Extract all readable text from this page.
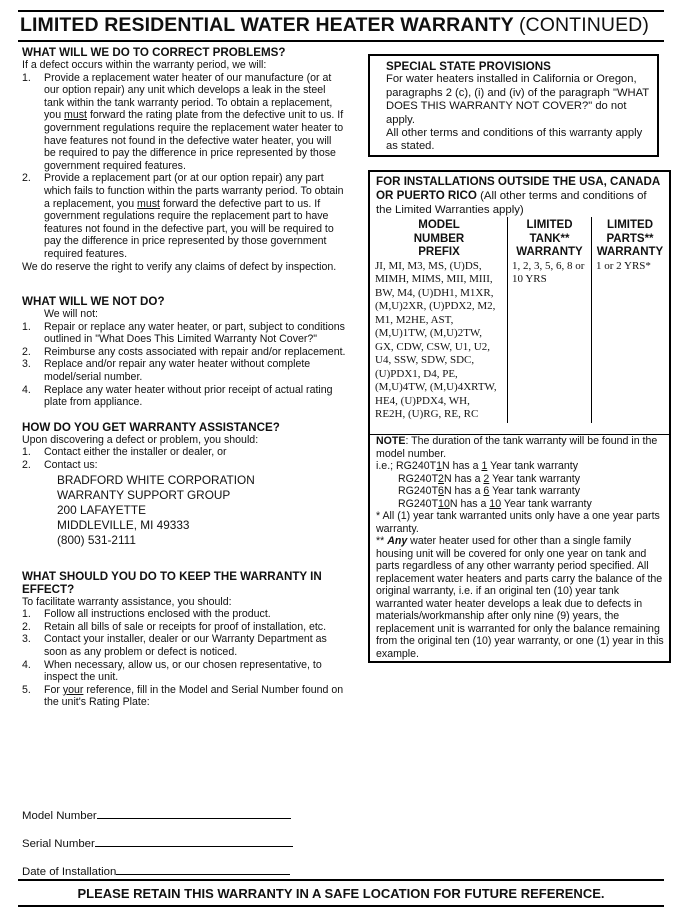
LIMITED RESIDENTIAL WATER HEATER WARRANTY (CONTINUED)
WHAT WILL WE DO TO CORRECT PROBLEMS?

If a defect occurs within the warranty period, we will:

1. Provide a replacement water heater of our manufacture (or at our option repair) any unit which develops a leak in the steel tank within the tank warranty period. To obtain a replacement, you must forward the rating plate from the defective unit to us. If government regulations require the replacement water heater to have features not found in the defective water heater, you will be required to pay the difference in price represented by those government required features.
2. Provide a replacement part (or at our option repair) any part which fails to function within the parts warranty period. To obtain a replacement, you must forward the defective part to us. If government regulations require the replacement part to have features not found in the defective part, you will be required to pay the difference in price represented by those government required features.

We do reserve the right to verify any claims of defect by inspection.

WHAT WILL WE NOT DO?

We will not:

1. Repair or replace any water heater, or part, subject to conditions outlined in "What Does This Limited Warranty Not Cover?"
2. Reimburse any costs associated with repair and/or replacement.
3. Replace and/or repair any water heater without complete model/serial number.
4. Replace any water heater without prior receipt of actual rating plate from appliance.
HOW DO YOU GET WARRANTY ASSISTANCE?

Upon discovering a defect or problem, you should:

1. Contact either the installer or dealer, or
2. Contact us:
BRADFORD WHITE CORPORATION
WARRANTY SUPPORT GROUP
200 LAFAYETTE
MIDDLEVILLE, MI 49333
(800) 531-2111
WHAT SHOULD YOU DO TO KEEP THE WARRANTY IN
EFFECT?

To facilitate warranty assistance, you should:

1. Follow all instructions enclosed with the product.
2. Retain all bills of sale or receipts for proof of installation, etc.
3. Contact your installer, dealer or our Warranty Department as soon as any problem or defect is noticed.
4. When necessary, allow us, or our chosen representative, to inspect the unit.
5. For your reference, fill in the Model and Serial Number found on the unit's Rating Plate:
Model Number
Serial Number
Date of Installation
SPECIAL STATE PROVISIONS
For water heaters installed in California or Oregon, paragraphs 2 (c), (i) and (iv) of the paragraph "WHAT DOES THIS WARRANTY NOT COVER?" do not apply.
All other terms and conditions of this warranty apply as stated.
FOR INSTALLATIONS OUTSIDE THE USA, CANADA OR PUERTO RICO (All other terms and conditions of the Limited Warranties apply)
MODEL NUMBER PREFIX	LIMITED TANK** WARRANTY	LIMITED PARTS** WARRANTY

JI, MI, M3, MS, (U)DS, MIMH, MIMS, MII, MIII, BW, M4, (U)DH1, M1XR, (M,U)2XR, (U)PDX2, M2, M1, M2HE, AST, (M,U)1TW, (M,U)2TW, GX, CDW, CSW, U1, U2, U4, SSW, SDW, SDC, (U)PDX1, D4, PE, (M,U)4TW, (M,U)4XRTW, HE4, (U)PDX4, WH, RE2H, (U)RG, RE, RC	1, 2, 3, 5, 6, 8 or 10 YRS	1 or 2 YRS*
NOTE: The duration of the tank warranty will be found in the model number.
i.e.; RG240T1N has a 1 Year tank warranty
RG240T2N has a 2 Year tank warranty
RG240T6N has a 6 Year tank warranty
RG240T10N has a 10 Year tank warranty
* All (1) year tank warranted units only have a one year parts warranty.
** Any water heater used for other than a single family housing unit will be covered for only one year on tank and parts regardless of any other warranty period specified. All replacement water heaters and parts carry the balance of the original warranty, i.e. if an original ten (10) year tank warranted water heater develops a leak due to defects in materials/workmanship after only nine (9) years, the replacement unit is warranted for only the balance remaining from the original ten (10) year warranty, or one (1) year in this example.
PLEASE RETAIN THIS WARRANTY IN A SAFE LOCATION FOR FUTURE REFERENCE.
